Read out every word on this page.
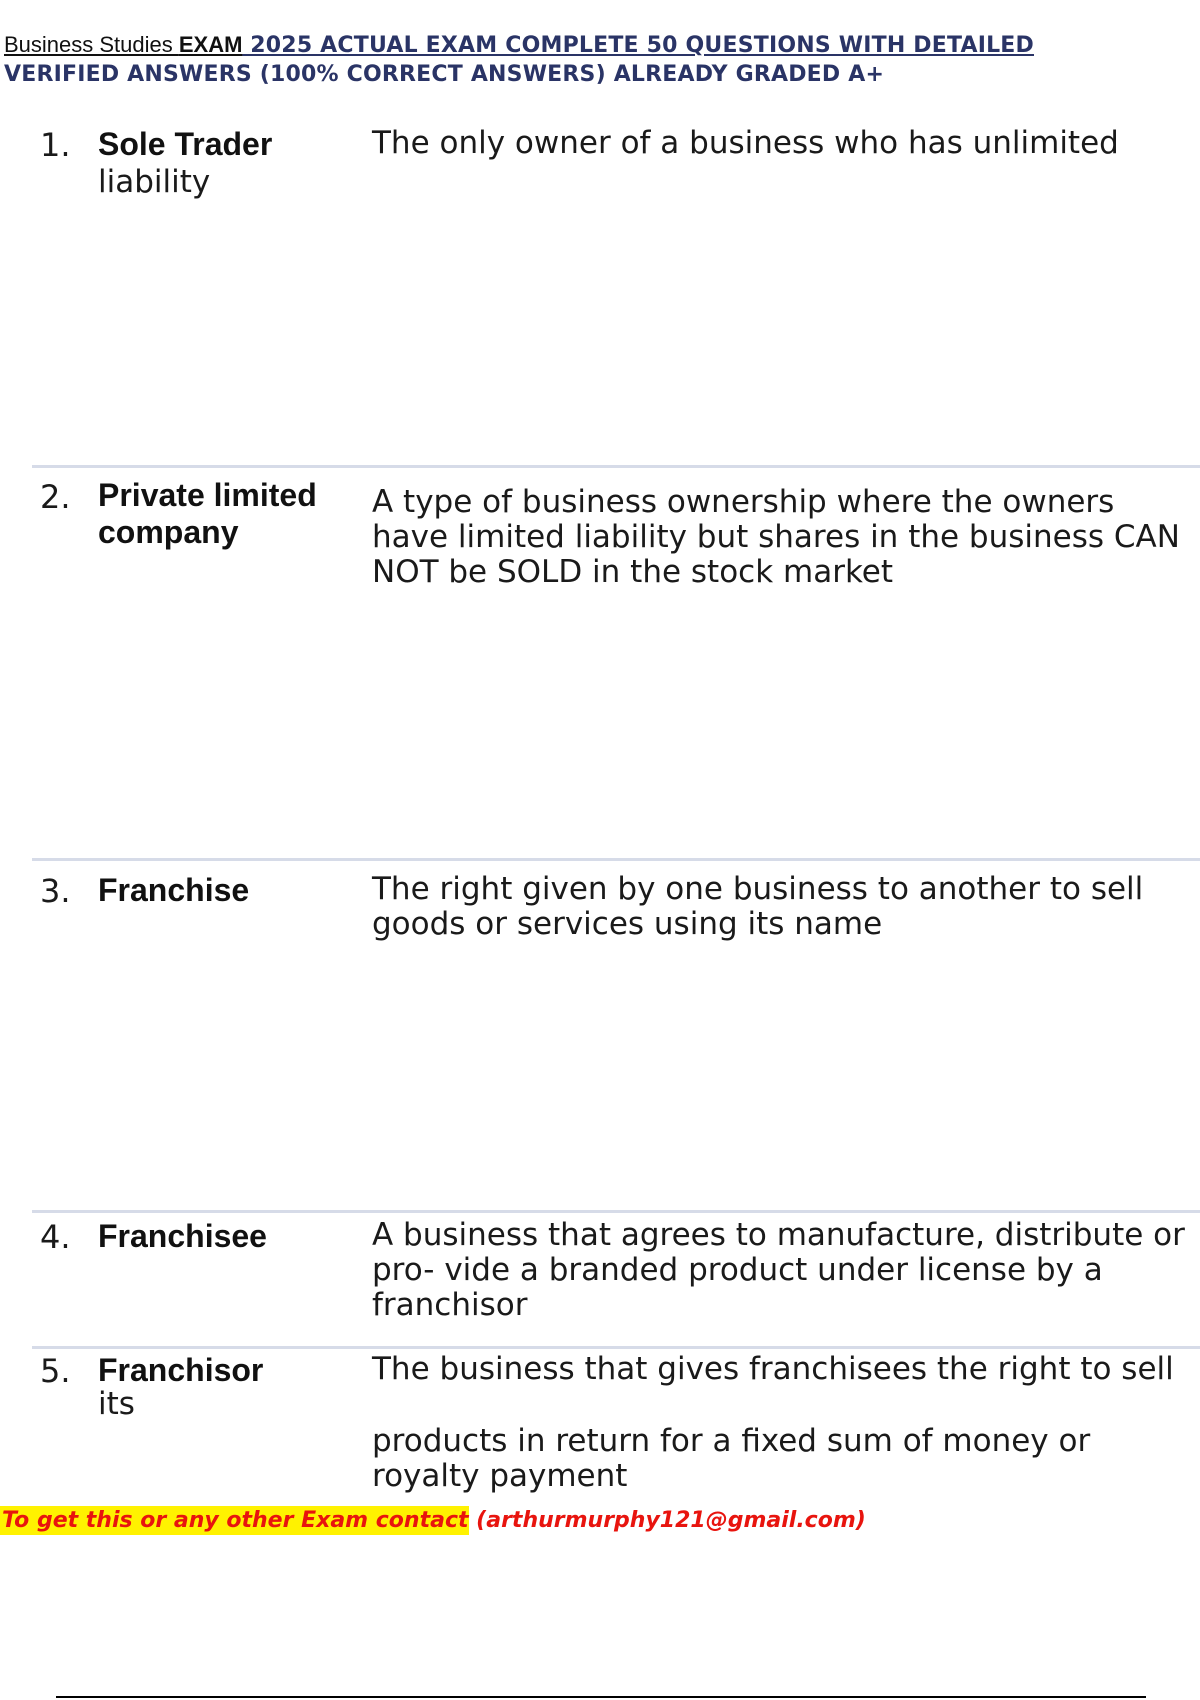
Business Studies EXAM 2025 ACTUAL EXAM COMPLETE 50 QUESTIONS WITH DETAILED
VERIFIED ANSWERS (100% CORRECT ANSWERS) ALREADY GRADED A+
1. Sole Trader
liability
The only owner of a business who has unlimited
2. Private limited company
A type of business ownership where the owners have limited liability but shares in the business CAN NOT be SOLD in the stock market
3. Franchise	The right given by one business to another to sell goods or services using its name
4. Franchisee	A business that agrees to manufacture, distribute or pro- vide a branded product under license by a franchisor
5. Franchisor
its
The business that gives franchisees the right to sell
products in return for a fixed sum of money or royalty payment
To get this or any other Exam contact (arthurmurphy121@gmail.com)
